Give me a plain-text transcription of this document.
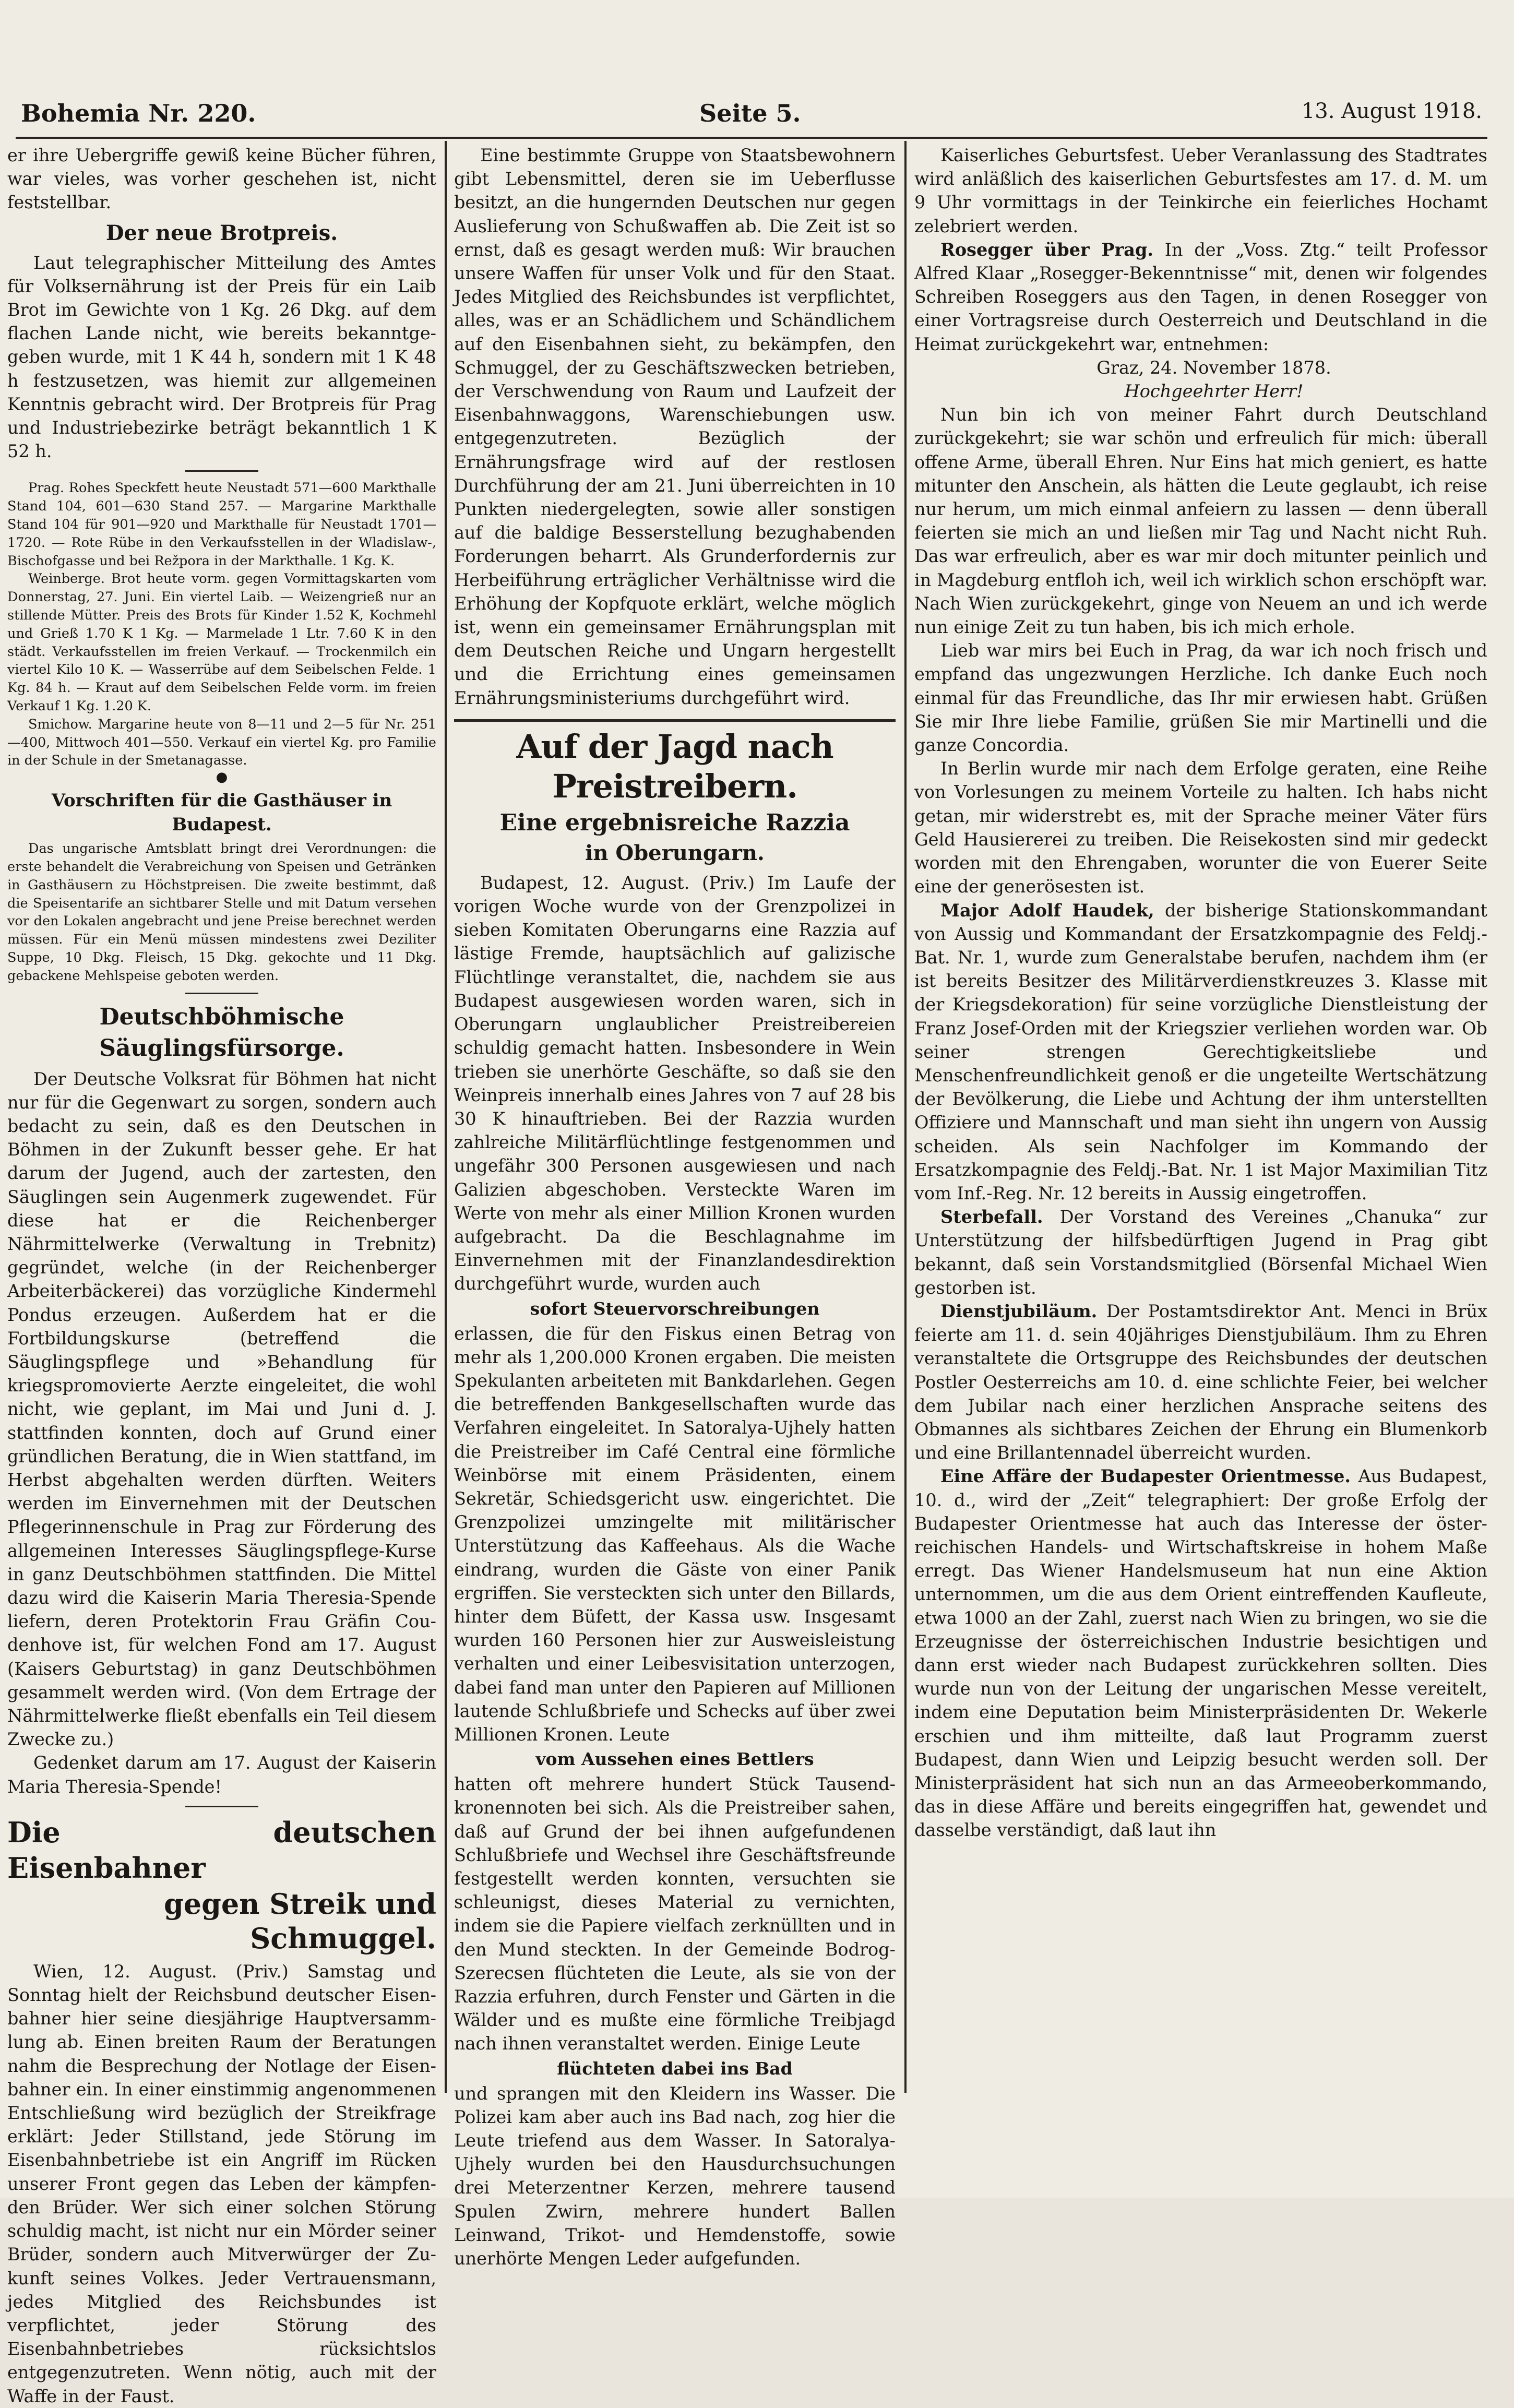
Bohemia Nr. 220.	Seite 5.	13. August 1918.

er ihre Uebergriffe gewiß keine Bücher führen, war vieles, was vorher geschehen ist, nicht feststellbar.

Der neue Brotpreis.

Laut telegraphischer Mitteilung des Amtes für Volksernährung ist der Preis für ein Laib Brot im Gewichte von 1 Kg. 26 Dkg. auf dem flachen Lande nicht, wie bereits bekanntgegeben wurde, mit 1 K 44 h, sondern mit 1 K 48 h festzusetzen, was hiemit zur allgemeinen Kenntnis gebracht wird. Der Brotpreis für Prag und Industriebezirke beträgt bekanntlich 1 K 52 h.

Prag. Rohes Speckfett heute Neustadt 571—600 Markthalle Stand 104, 601—630 Stand 257. — Margarine Markthalle Stand 104 für 901—920 und Markthalle für Neustadt 1701—1720. — Rote Rübe in den Verkaufsstellen in der Wladislaw-, Bischofgasse und bei Režpora in der Markthalle. 1 Kg. K.

Weinberge. Brot heute vorm. gegen Vormittagskarten vom Donnerstag, 27. Juni. Ein viertel Laib. — Weizengrieß nur an stillende Mütter. Preis des Brots für Kinder 1.52 K, Kochmehl und Grieß 1.70 K 1 Kg. — Marmelade 1 Ltr. 7.60 K in den städt. Verkaufsstellen im freien Verkauf. — Trockenmilch ein viertel Kilo 10 K. — Wasserrübe auf dem Seibelschen Felde. 1 Kg. 84 h. — Kraut auf dem Seibelschen Felde vorm. im freien Verkauf 1 Kg. 1.20 K.

Smichow. Margarine heute von 8—11 und 2—5 für Nr. 251—400, Mittwoch 401—550. Verkauf ein viertel Kg. pro Familie in der Schule in der Smetanagasse.

●
Vorschriften für die Gasthäuser in Budapest.

Das ungarische Amtsblatt bringt drei Verordnungen: die erste behandelt die Verabreichung von Speisen und Getränken in Gasthäusern zu Höchstpreisen. Die zweite bestimmt, daß die Speisentarife an sichtbarer Stelle und mit Datum versehen vor den Lokalen angebracht und jene Preise berechnet werden müssen. Für ein Menü müssen mindestens zwei Deziliter Suppe, 10 Dkg. Fleisch, 15 Dkg. gekochte und 11 Dkg. gebackene Mehlspeise geboten werden.

Deutschböhmische Säuglingsfürsorge.

Der Deutsche Volksrat für Böhmen hat nicht nur für die Gegenwart zu sorgen, sondern auch bedacht zu sein, daß es den Deutschen in Böhmen in der Zukunft besser gehe. Er hat darum der Jugend, auch der zartesten, den Säuglingen sein Augenmerk zugewendet. Für diese hat er die Reichenberger Nährmittelwerke (Verwaltung in Trebnitz) gegründet, welche (in der Reichenberger Arbeiterbäckerei) das vorzügliche Kindermehl Pondus erzeugen. Außerdem hat er die Fortbildungskurse (betreffend die Säuglingspflege und »Behandlung für kriegspromovierte Aerzte eingeleitet, die wohl nicht, wie geplant, im Mai und Juni d. J. stattfinden konnten, doch auf Grund einer gründlichen Beratung, die in Wien stattfand, im Herbst abgehalten werden dürften. Weiters werden im Einvernehmen mit der Deutschen Pflegerinnenschule in Prag zur Förderung des allgemeinen Interesses Säuglingspflege-Kurse in ganz Deutschböhmen stattfinden. Die Mittel dazu wird die Kaiserin Maria Theresia-Spende liefern, deren Protektorin Frau Gräfin Coudenhove ist, für welchen Fond am 17. August (Kaisers Geburtstag) in ganz Deutschböhmen gesammelt werden wird. (Von dem Ertrage der Nährmittelwerke fließt ebenfalls ein Teil diesem Zwecke zu.)

Gedenket darum am 17. August der Kaiserin Maria Theresia-Spende!

Die deutschen Eisenbahner
gegen Streik und Schmuggel.

Wien, 12. August. (Priv.) Samstag und Sonntag hielt der Reichsbund deutscher Eisenbahner hier seine diesjährige Hauptversammlung ab. Einen breiten Raum der Beratungen nahm die Besprechung der Notlage der Eisenbahner ein. In einer einstimmig angenommenen Entschließung wird bezüglich der Streikfrage erklärt: Jeder Stillstand, jede Störung im Eisenbahnbetriebe ist ein Angriff im Rücken unserer Front gegen das Leben der kämpfenden Brüder. Wer sich einer solchen Störung schuldig macht, ist nicht nur ein Mörder seiner Brüder, sondern auch Mitverwürger der Zukunft seines Volkes. Jeder Vertrauensmann, jedes Mitglied des Reichsbundes ist verpflichtet, jeder Störung des Eisenbahnbetriebes rücksichtslos entgegenzutreten. Wenn nötig, auch mit der Waffe in der Faust.

Eine bestimmte Gruppe von Staatsbewohnern gibt Lebensmittel, deren sie im Ueberflusse besitzt, an die hungernden Deutschen nur gegen Auslieferung von Schußwaffen ab. Die Zeit ist so ernst, daß es gesagt werden muß: Wir brauchen unsere Waffen für unser Volk und für den Staat. Jedes Mitglied des Reichsbundes ist verpflichtet, alles, was er an Schädlichem und Schändlichem auf den Eisenbahnen sieht, zu bekämpfen, den Schmuggel, der zu Geschäftszwecken betrieben, der Verschwendung von Raum und Laufzeit der Eisenbahnwaggons, Warenschiebungen usw. entgegenzutreten. Bezüglich der Ernährungsfrage wird auf der restlosen Durchführung der am 21. Juni überreichten in 10 Punkten niedergelegten, sowie aller sonstigen auf die baldige Besserstellung bezughabenden Forderungen beharrt. Als Grunderfordernis zur Herbeiführung erträglicher Verhältnisse wird die Erhöhung der Kopfquote erklärt, welche möglich ist, wenn ein gemeinsamer Ernährungsplan mit dem Deutschen Reiche und Ungarn hergestellt und die Errichtung eines gemeinsamen Ernährungsministeriums durchgeführt wird.

Auf der Jagd nach Preistreibern.
Eine ergebnisreiche Razzia
in Oberungarn.

Budapest, 12. August. (Priv.) Im Laufe der vorigen Woche wurde von der Grenzpolizei in sieben Komitaten Oberungarns eine Razzia auf lästige Fremde, hauptsächlich auf galizische Flüchtlinge veranstaltet, die, nachdem sie aus Budapest ausgewiesen worden waren, sich in Oberungarn unglaublicher Preistreibereien schuldig gemacht hatten. Insbesondere in Wein trieben sie unerhörte Geschäfte, so daß sie den Weinpreis innerhalb eines Jahres von 7 auf 28 bis 30 K hinauftrieben. Bei der Razzia wurden zahlreiche Militärflüchtlinge festgenommen und ungefähr 300 Personen ausgewiesen und nach Galizien abgeschoben. Versteckte Waren im Werte von mehr als einer Million Kronen wurden aufgebracht. Da die Beschlagnahme im Einvernehmen mit der Finanzlandesdirektion durchgeführt wurde, wurden auch

sofort Steuervorschreibungen

erlassen, die für den Fiskus einen Betrag von mehr als 1,200.000 Kronen ergaben. Die meisten Spekulanten arbeiteten mit Bankdarlehen. Gegen die betreffenden Bankgesellschaften wurde das Verfahren eingeleitet. In Satoralya-Ujhely hatten die Preistreiber im Café Central eine förmliche Weinbörse mit einem Präsidenten, einem Sekretär, Schiedsgericht usw. eingerichtet. Die Grenzpolizei umzingelte mit militärischer Unterstützung das Kaffeehaus. Als die Wache eindrang, wurden die Gäste von einer Panik ergriffen. Sie versteckten sich unter den Billards, hinter dem Büfett, der Kassa usw. Insgesamt wurden 160 Personen hier zur Ausweisleistung verhalten und einer Leibesvisitation unterzogen, dabei fand man unter den Papieren auf Millionen lautende Schlußbriefe und Schecks auf über zwei Millionen Kronen. Leute

vom Aussehen eines Bettlers

hatten oft mehrere hundert Stück Tausendkronennoten bei sich. Als die Preistreiber sahen, daß auf Grund der bei ihnen aufgefundenen Schlußbriefe und Wechsel ihre Geschäftsfreunde festgestellt werden konnten, versuchten sie schleunigst, dieses Material zu vernichten, indem sie die Papiere vielfach zerknüllten und in den Mund steckten. In der Gemeinde Bodrog-Szerecsen flüchteten die Leute, als sie von der Razzia erfuhren, durch Fenster und Gärten in die Wälder und es mußte eine förmliche Treibjagd nach ihnen veranstaltet werden. Einige Leute

flüchteten dabei ins Bad

und sprangen mit den Kleidern ins Wasser. Die Polizei kam aber auch ins Bad nach, zog hier die Leute triefend aus dem Wasser. In Satoralya-Ujhely wurden bei den Hausdurchsuchungen drei Meterzentner Kerzen, mehrere tausend Spulen Zwirn, mehrere hundert Ballen Leinwand, Trikot- und Hemdenstoffe, sowie unerhörte Mengen Leder aufgefunden.

Kaiserliches Geburtsfest. Ueber Veranlassung des Stadtrates wird anläßlich des kaiserlichen Geburtsfestes am 17. d. M. um 9 Uhr vormittags in der Teinkirche ein feierliches Hochamt zelebriert werden.

Rosegger über Prag. In der „Voss. Ztg.“ teilt Professor Alfred Klaar „Rosegger-Bekenntnisse“ mit, denen wir folgendes Schreiben Roseggers aus den Tagen, in denen Rosegger von einer Vortragsreise durch Oesterreich und Deutschland in die Heimat zurückgekehrt war, entnehmen:

Graz, 24. November 1878.

Hochgeehrter Herr!

Nun bin ich von meiner Fahrt durch Deutschland zurückgekehrt; sie war schön und erfreulich für mich: überall offene Arme, überall Ehren. Nur Eins hat mich geniert, es hatte mitunter den Anschein, als hätten die Leute geglaubt, ich reise nur herum, um mich einmal anfeiern zu lassen — denn überall feierten sie mich an und ließen mir Tag und Nacht nicht Ruh. Das war erfreulich, aber es war mir doch mitunter peinlich und in Magdeburg entfloh ich, weil ich wirklich schon erschöpft war. Nach Wien zurückgekehrt, ginge von Neuem an und ich werde nun einige Zeit zu tun haben, bis ich mich erhole.

Lieb war mirs bei Euch in Prag, da war ich noch frisch und empfand das ungezwungen Herzliche. Ich danke Euch noch einmal für das Freundliche, das Ihr mir erwiesen habt. Grüßen Sie mir Ihre liebe Familie, grüßen Sie mir Martinelli und die ganze Concordia.

In Berlin wurde mir nach dem Erfolge geraten, eine Reihe von Vorlesungen zu meinem Vorteile zu halten. Ich habs nicht getan, mir widerstrebt es, mit der Sprache meiner Väter fürs Geld Hausiererei zu treiben. Die Reisekosten sind mir gedeckt worden mit den Ehrengaben, worunter die von Euerer Seite eine der generösesten ist.

Major Adolf Haudek, der bisherige Stationskommandant von Aussig und Kommandant der Ersatzkompagnie des Feldj.-Bat. Nr. 1, wurde zum Generalstabe berufen, nachdem ihm (er ist bereits Besitzer des Militärverdienstkreuzes 3. Klasse mit der Kriegsdekoration) für seine vorzügliche Dienstleistung der Franz Josef-Orden mit der Kriegszier verliehen worden war. Ob seiner strengen Gerechtigkeitsliebe und Menschenfreundlichkeit genoß er die ungeteilte Wertschätzung der Bevölkerung, die Liebe und Achtung der ihm unterstellten Offiziere und Mannschaft und man sieht ihn ungern von Aussig scheiden. Als sein Nachfolger im Kommando der Ersatzkompagnie des Feldj.-Bat. Nr. 1 ist Major Maximilian Titz vom Inf.-Reg. Nr. 12 bereits in Aussig eingetroffen.

Sterbefall. Der Vorstand des Vereines „Chanuka“ zur Unterstützung der hilfsbedürftigen Jugend in Prag gibt bekannt, daß sein Vorstandsmitglied (Börsenfal Michael Wien gestorben ist.

Dienstjubiläum. Der Postamtsdirektor Ant. Menci in Brüx feierte am 11. d. sein 40jähriges Dienstjubiläum. Ihm zu Ehren veranstaltete die Ortsgruppe des Reichsbundes der deutschen Postler Oesterreichs am 10. d. eine schlichte Feier, bei welcher dem Jubilar nach einer herzlichen Ansprache seitens des Obmannes als sichtbares Zeichen der Ehrung ein Blumenkorb und eine Brillantennadel überreicht wurden.

Eine Affäre der Budapester Orientmesse. Aus Budapest, 10. d., wird der „Zeit“ telegraphiert: Der große Erfolg der Budapester Orientmesse hat auch das Interesse der österreichischen Handels- und Wirtschaftskreise in hohem Maße erregt. Das Wiener Handelsmuseum hat nun eine Aktion unternommen, um die aus dem Orient eintreffenden Kaufleute, etwa 1000 an der Zahl, zuerst nach Wien zu bringen, wo sie die Erzeugnisse der österreichischen Industrie besichtigen und dann erst wieder nach Budapest zurückkehren sollten. Dies wurde nun von der Leitung der ungarischen Messe vereitelt, indem eine Deputation beim Ministerpräsidenten Dr. Wekerle erschien und ihm mitteilte, daß laut Programm zuerst Budapest, dann Wien und Leipzig besucht werden soll. Der Ministerpräsident hat sich nun an das Armeeoberkommando, das in diese Affäre und bereits eingegriffen hat, gewendet und dasselbe verständigt, daß laut ihn
